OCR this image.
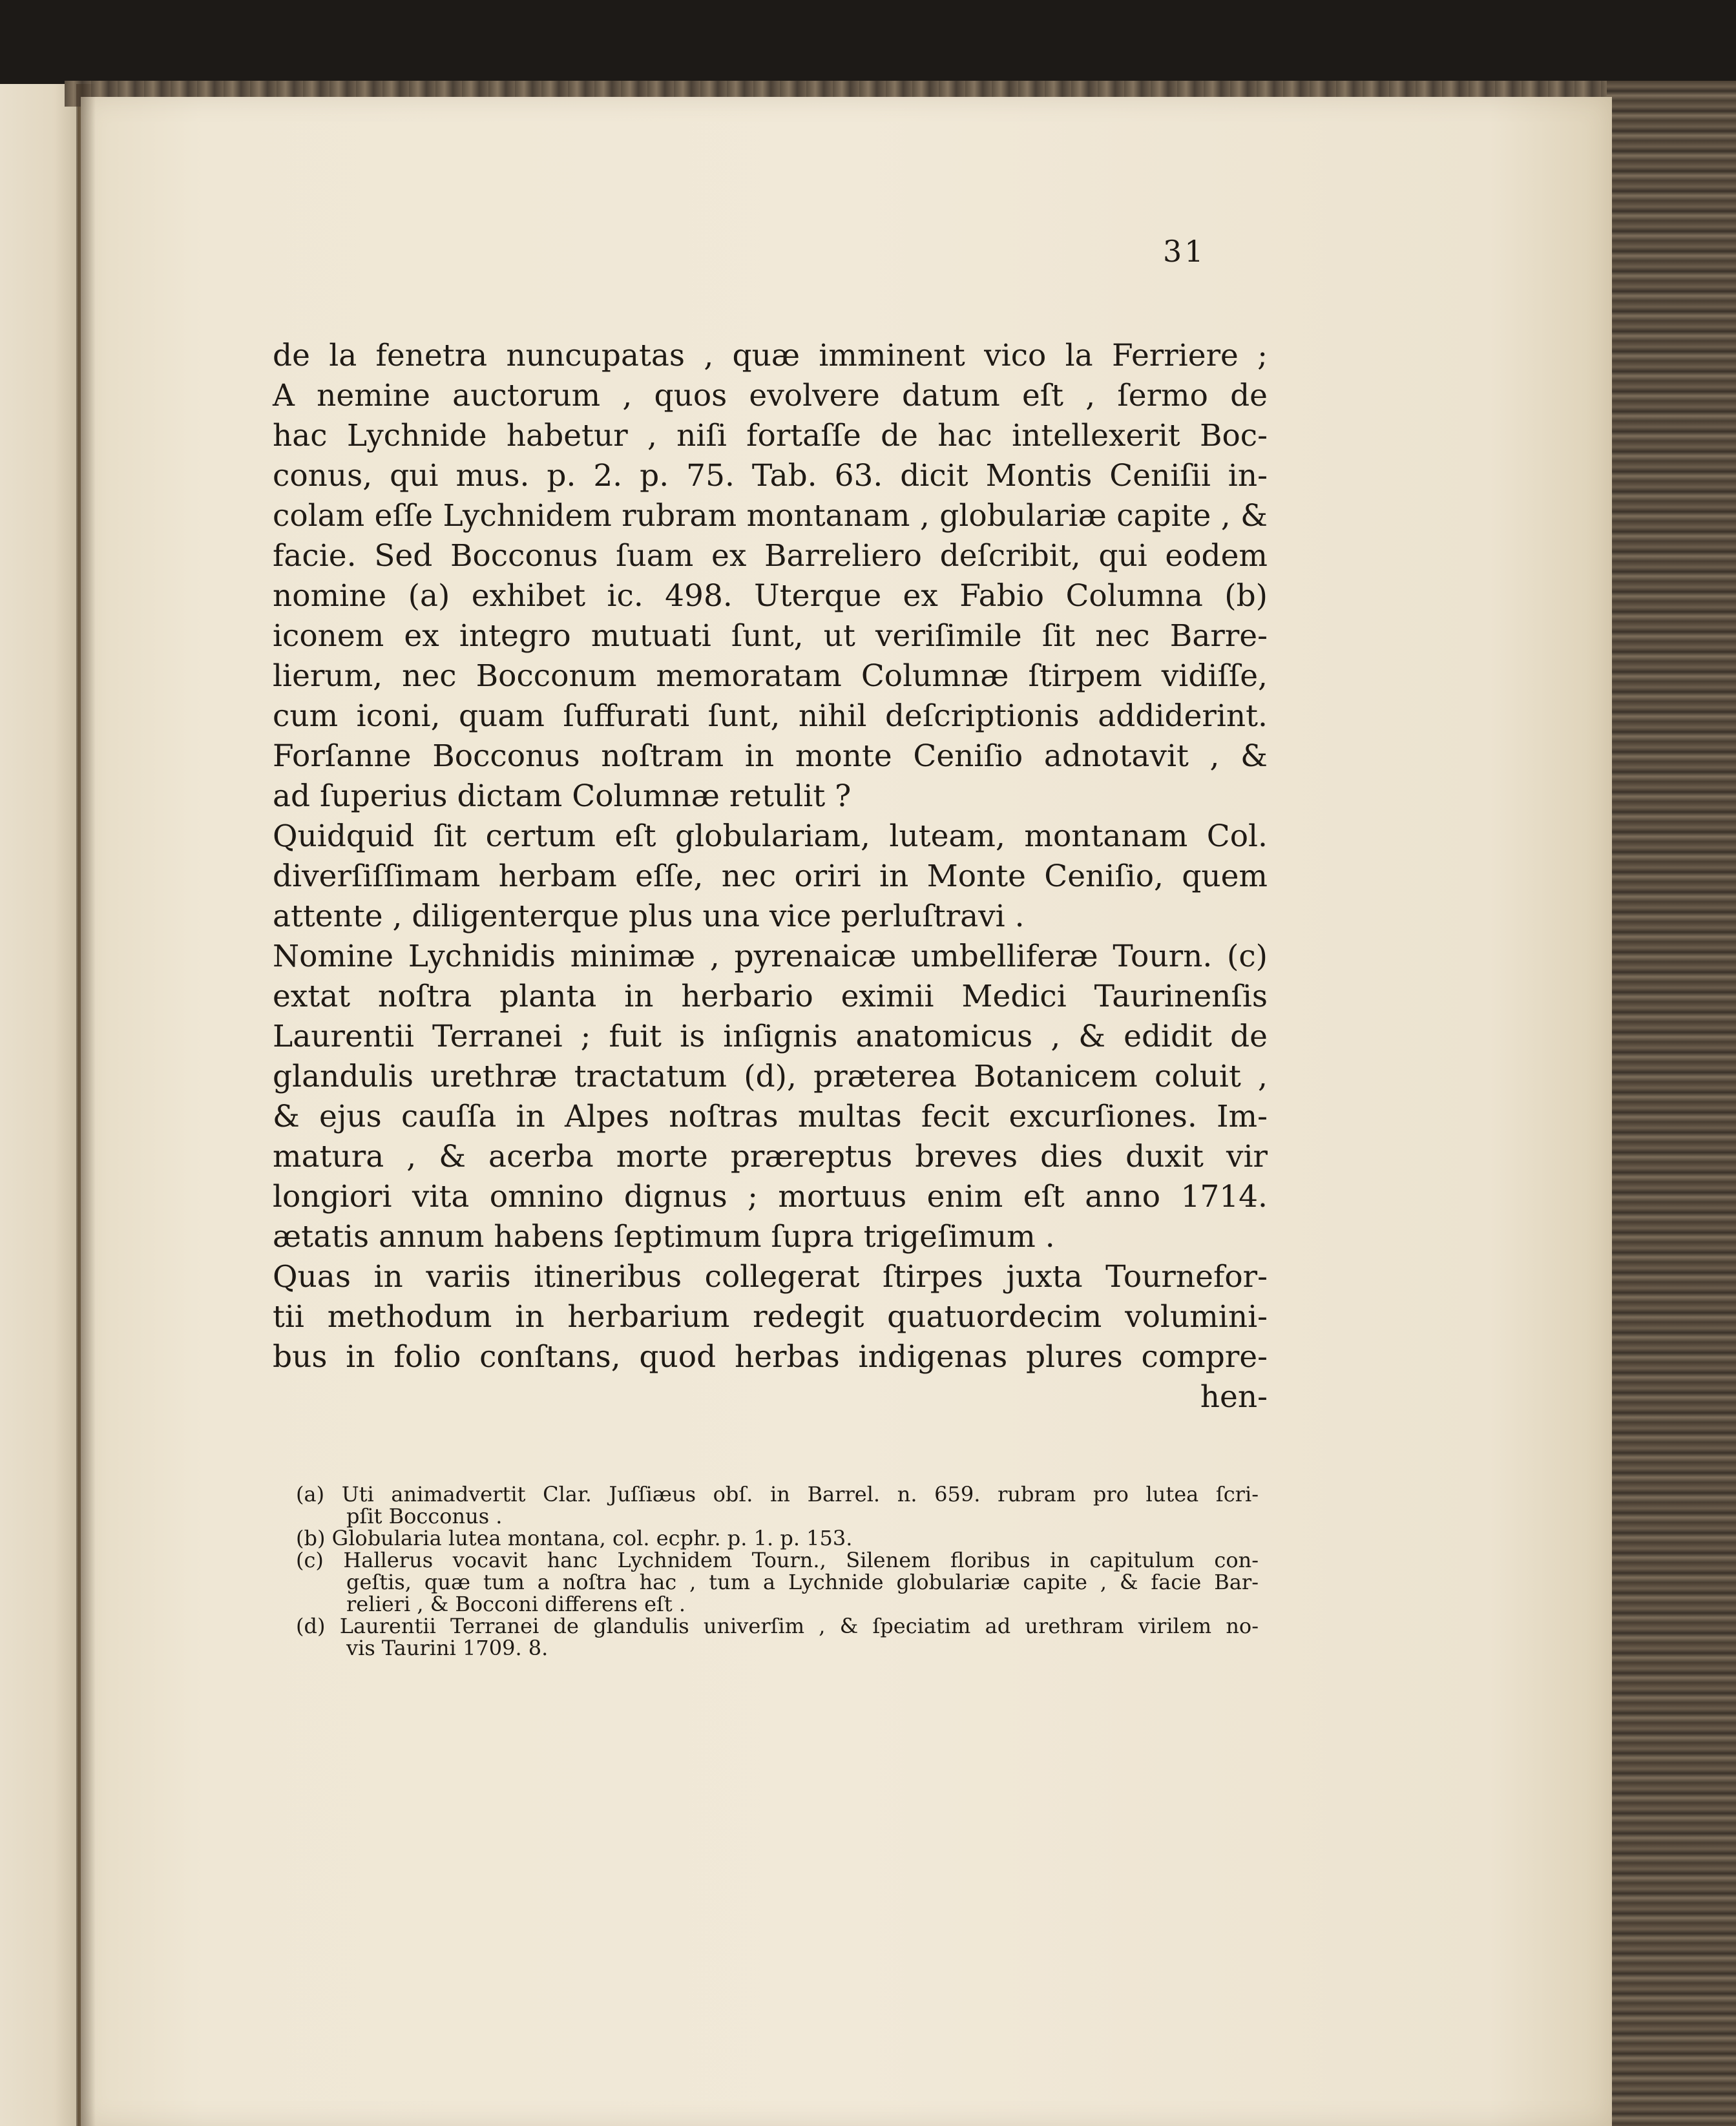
31
de la fenetra nuncupatas , quæ imminent vico la Ferriere ;
A nemine auctorum , quos evolvere datum eſt , ſermo de
hac Lychnide habetur , niſi fortaſſe de hac intellexerit Boc-
conus, qui mus. p. 2. p. 75. Tab. 63. dicit Montis Ceniſii in-
colam eſſe Lychnidem rubram montanam , globulariæ capite , &
facie. Sed Bocconus ſuam ex Barreliero deſcribit, qui eodem
nomine (a) exhibet ic. 498. Uterque ex Fabio Columna (b)
iconem ex integro mutuati ſunt, ut veriſimile ſit nec Barre-
lierum, nec Bocconum memoratam Columnæ ſtirpem vidiſſe,
cum iconi, quam ſuffurati ſunt, nihil deſcriptionis addiderint.
Forſanne Bocconus noſtram in monte Ceniſio adnotavit , &
ad ſuperius dictam Columnæ retulit ?
Quidquid ſit certum eſt globulariam, luteam, montanam Col.
diverſiſſimam herbam eſſe, nec oriri in Monte Ceniſio, quem
attente , diligenterque plus una vice perluſtravi .
Nomine Lychnidis minimæ , pyrenaicæ umbelliferæ Tourn. (c)
extat noſtra planta in herbario eximii Medici Taurinenſis
Laurentii Terranei ; fuit is inſignis anatomicus , & edidit de
glandulis urethræ tractatum (d), præterea Botanicem coluit ,
& ejus cauſſa in Alpes noſtras multas fecit excurſiones. Im-
matura , & acerba morte præreptus breves dies duxit vir
longiori vita omnino dignus ; mortuus enim eſt anno 1714.
ætatis annum habens ſeptimum ſupra trigeſimum .
Quas in variis itineribus collegerat ſtirpes juxta Tournefor-
tii methodum in herbarium redegit quatuordecim volumini-
bus in folio conſtans, quod herbas indigenas plures compre-
hen-
(a) Uti animadvertit Clar. Juſſiæus obſ. in Barrel. n. 659. rubram pro lutea ſcri-
pſit Bocconus .
(b) Globularia lutea montana, col. ecphr. p. 1. p. 153.
(c) Hallerus vocavit hanc Lychnidem Tourn., Silenem floribus in capitulum con-
geſtis, quæ tum a noſtra hac , tum a Lychnide globulariæ capite , & facie Bar-
relieri , & Bocconi differens eſt .
(d) Laurentii Terranei de glandulis univerſim , & ſpeciatim ad urethram virilem no-
vis Taurini 1709. 8.
